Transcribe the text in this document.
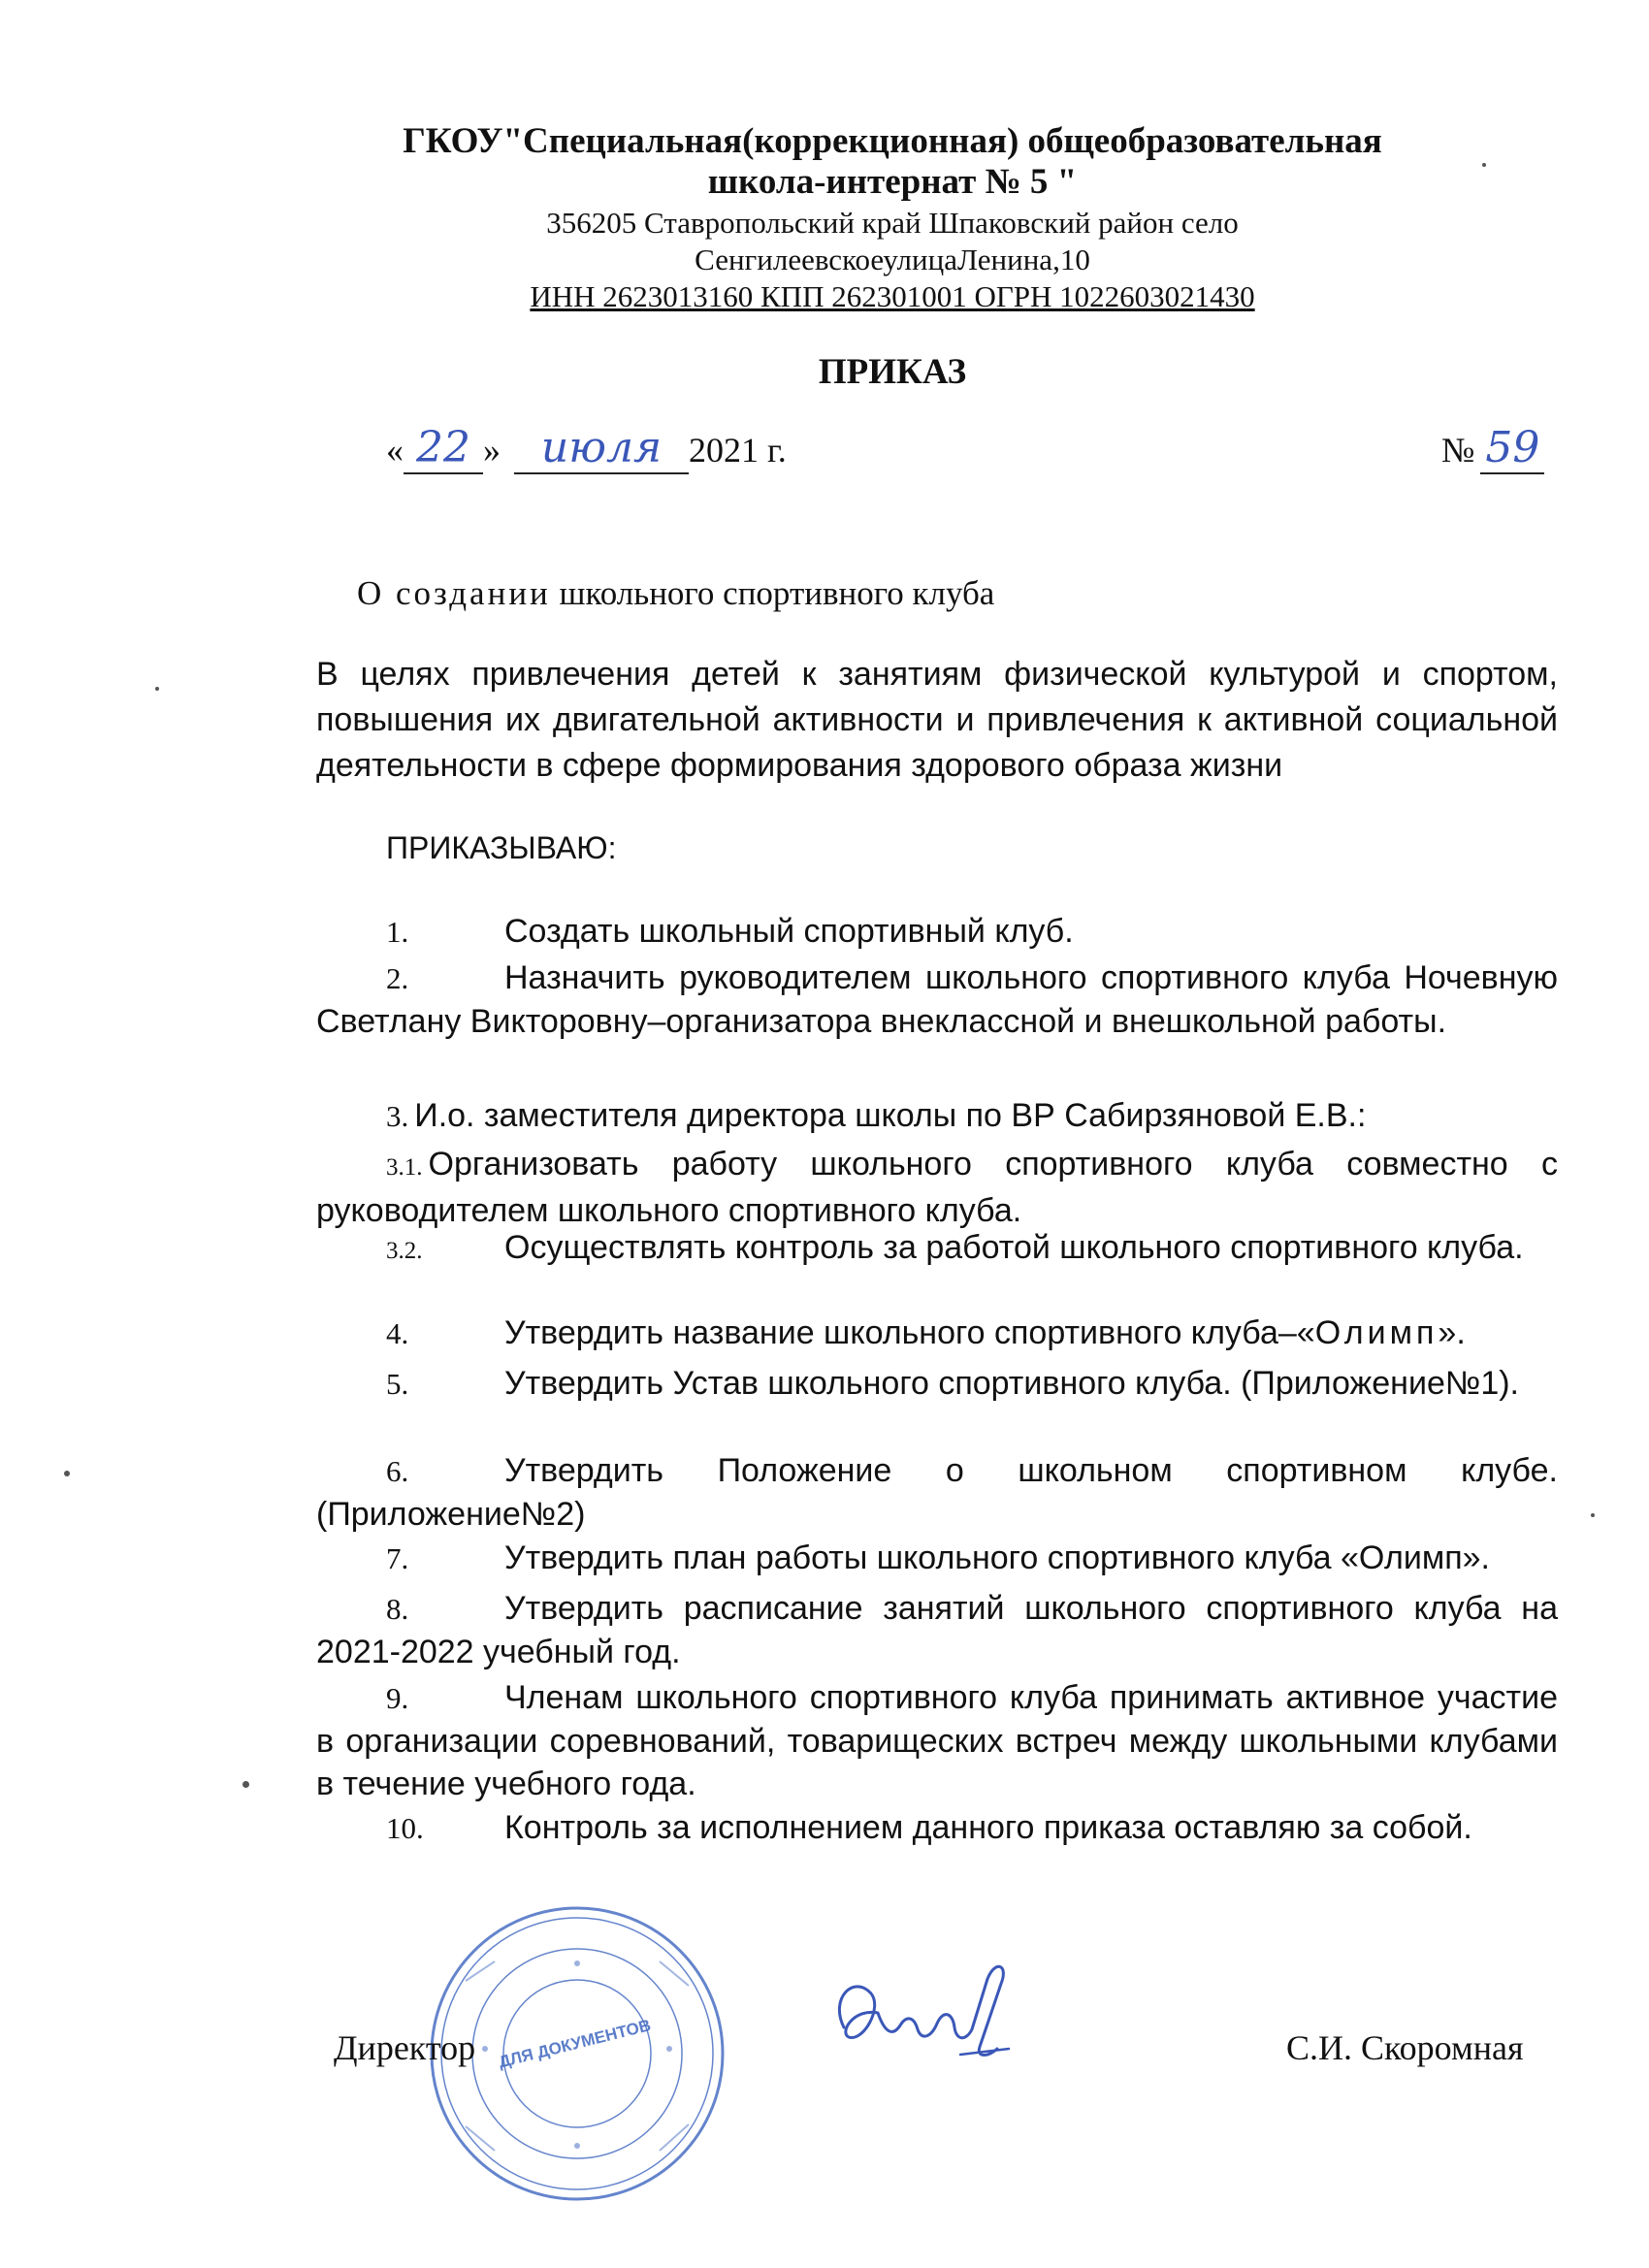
ГКОУ"Специальная(коррекционная) общеобразовательная
школа-интернат № 5 "
356205 Ставропольский край Шпаковский район село
СенгилеевскоеулицаЛенина,10
ИНН 2623013160 КПП 262301001 ОГРН 1022603021430
ПРИКАЗ
« 22 » июля 2021 г.	№ 59
О создании школьного спортивного клуба
В целях привлечения детей к занятиям физической культурой и спортом, повышения их двигательной активности и привлечения к активной социальной деятельности в сфере формирования здорового образа жизни
ПРИКАЗЫВАЮ:
1.	Создать школьный спортивный клуб.
2.	Назначить руководителем школьного спортивного клуба Ночевную Светлану Викторовну–организатора внеклассной и внешкольной работы.
3. И.о. заместителя директора школы по ВР Сабирзяновой Е.В.:
3.1. Организовать работу школьного спортивного клуба совместно с руководителем школьного спортивного клуба.
3.2. Осуществлять контроль за работой школьного спортивного клуба.
4.	Утвердить название школьного спортивного клуба–«Олимп».
5.	Утвердить Устав школьного спортивного клуба. (Приложение№1).
6.	Утвердить Положение о школьном спортивном клубе.(Приложение№2)
7.	Утвердить план работы школьного спортивного клуба «Олимп».
8.	Утвердить расписание занятий школьного спортивного клуба на 2021-2022 учебный год.
9.	Членам школьного спортивного клуба принимать активное участие в организации соревнований, товарищеских встреч между школьными клубами в течение учебного года.
10. Контроль за исполнением данного приказа оставляю за собой.
ДЛЯ ДОКУМЕНТОВ
Директор	С.И. Скоромная
